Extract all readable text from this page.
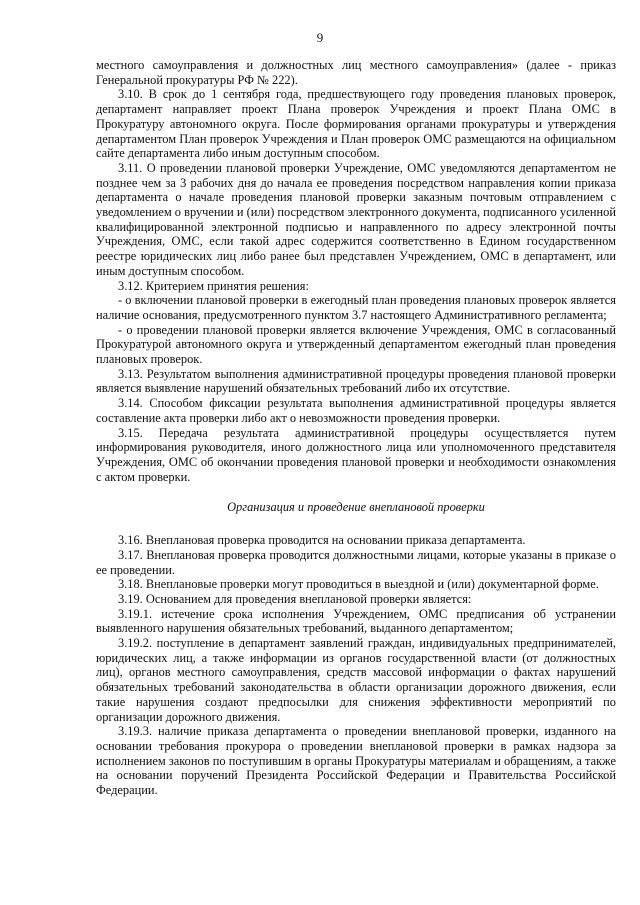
9

местного самоуправления и должностных лиц местного самоуправления» (далее - приказ Генеральной прокуратуры РФ № 222).

3.10. В срок до 1 сентября года, предшествующего году проведения плановых проверок, департамент направляет проект Плана проверок Учреждения и проект Плана ОМС в Прокуратуру автономного округа. После формирования органами прокуратуры и утверждения департаментом План проверок Учреждения и План проверок ОМС размещаются на официальном сайте департамента либо иным доступным способом.

3.11. О проведении плановой проверки Учреждение, ОМС уведомляются департаментом не позднее чем за 3 рабочих дня до начала ее проведения посредством направления копии приказа департамента о начале проведения плановой проверки заказным почтовым отправлением с уведомлением о вручении и (или) посредством электронного документа, подписанного усиленной квалифицированной электронной подписью и направленного по адресу электронной почты Учреждения, ОМС, если такой адрес содержится соответственно в Едином государственном реестре юридических лиц либо ранее был представлен Учреждением, ОМС в департамент, или иным доступным способом.

3.12. Критерием принятия решения:

- о включении плановой проверки в ежегодный план проведения плановых проверок является наличие основания, предусмотренного пунктом 3.7 настоящего Административного регламента;

- о проведении плановой проверки является включение Учреждения, ОМС в согласованный Прокуратурой автономного округа и утвержденный департаментом ежегодный план проведения плановых проверок.

3.13. Результатом выполнения административной процедуры проведения плановой проверки является выявление нарушений обязательных требований либо их отсутствие.

3.14. Способом фиксации результата выполнения административной процедуры является составление акта проверки либо акт о невозможности проведения проверки.

3.15. Передача результата административной процедуры осуществляется путем информирования руководителя, иного должностного лица или уполномоченного представителя Учреждения, ОМС об окончании проведения плановой проверки и необходимости ознакомления с актом проверки.

Организация и проведение внеплановой проверки

3.16. Внеплановая проверка проводится на основании приказа департамента.

3.17. Внеплановая проверка проводится должностными лицами, которые указаны в приказе о ее проведении.

3.18. Внеплановые проверки могут проводиться в выездной и (или) документарной форме.

3.19. Основанием для проведения внеплановой проверки является:

3.19.1. истечение срока исполнения Учреждением, ОМС предписания об устранении выявленного нарушения обязательных требований, выданного департаментом;

3.19.2. поступление в департамент заявлений граждан, индивидуальных предпринимателей, юридических лиц, а также информации из органов государственной власти (от должностных лиц), органов местного самоуправления, средств массовой информации о фактах нарушений обязательных требований законодательства в области организации дорожного движения, если такие нарушения создают предпосылки для снижения эффективности мероприятий по организации дорожного движения.

3.19.3. наличие приказа департамента о проведении внеплановой проверки, изданного на основании требования прокурора о проведении внеплановой проверки в рамках надзора за исполнением законов по поступившим в органы Прокуратуры материалам и обращениям, а также на основании поручений Президента Российской Федерации и Правительства Российской Федерации.
